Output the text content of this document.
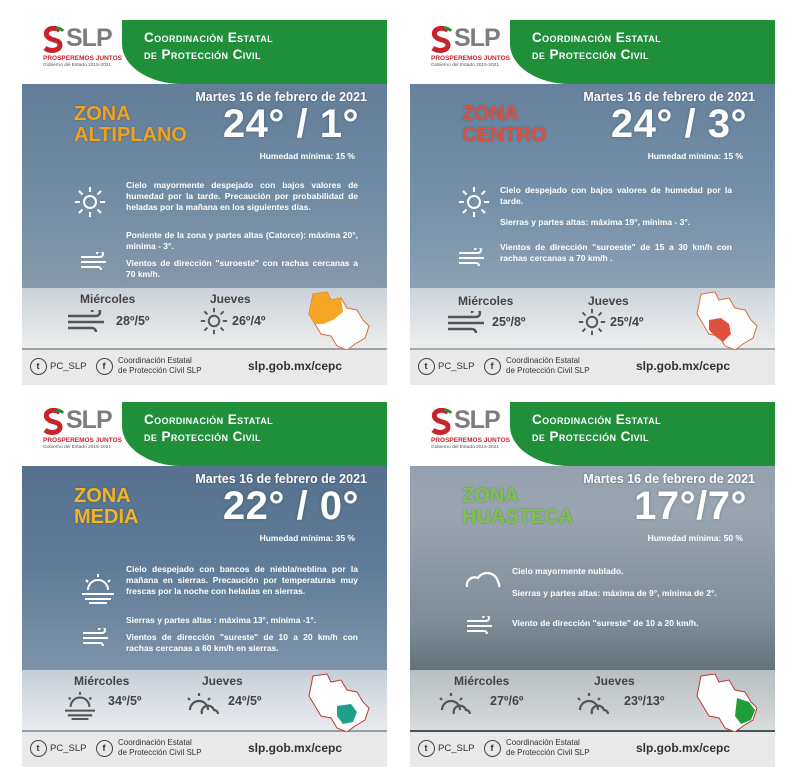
SLP
PROSPEREMOS JUNTOS
Gobierno del Estado 2015-2021
Coordinación Estatal
de Protección Civil
Martes 16 de febrero de 2021
ZONA
ALTIPLANO 24° / 1°
Humedad mínima: 15 %
Cielo mayormente despejado con bajos valores de humedad por la tarde. Precaución por probabilidad de heladas por la mañana en los siguientes días.
Poniente de la zona y partes altas (Catorce): máxima 20°, mínima - 3°.
Vientos de dirección "suroeste" con rachas cercanas a 70 km/h.
Miércoles
28º/5º
Jueves
26º/4º
t	PC_SLP	f
Coordinación Estatal
de Protección Civil SLP	slp.gob.mx/cepc
SLP
PROSPEREMOS JUNTOS
Gobierno del Estado 2015-2021
Coordinación Estatal
de Protección Civil
Martes 16 de febrero de 2021
ZONA
CENTRO 24° / 3°
Humedad mínima: 15 %
Cielo despejado con bajos valores de humedad por la tarde.
Sierras y partes altas: máxima 19°, mínima - 3°.
Vientos de dirección "suroeste" de 15 a 30 km/h con rachas cercanas a 70 km/h .
Miércoles
25º/8º
Jueves
25º/4º
t	PC_SLP	f
Coordinación Estatal
de Protección Civil SLP	slp.gob.mx/cepc
SLP
PROSPEREMOS JUNTOS
Gobierno del Estado 2015-2021
Coordinación Estatal
de Protección Civil
Martes 16 de febrero de 2021
ZONA
MEDIA 22° / 0°
Humedad mínima: 35 %
Cielo despejado con bancos de niebla/neblina por la mañana en sierras. Precaución por temperaturas muy frescas por la noche con heladas en sierras.
Sierras y partes altas : máxima 13°, mínima -1°.
Vientos de dirección "sureste" de 10 a 20 km/h con rachas cercanas a 60 km/h en sierras.
Miércoles
34º/5º
Jueves
24º/5º
t	PC_SLP	f
Coordinación Estatal
de Protección Civil SLP	slp.gob.mx/cepc
SLP
PROSPEREMOS JUNTOS
Gobierno del Estado 2015-2021
Coordinación Estatal
de Protección Civil
Martes 16 de febrero de 2021
ZONA
HUASTECA 17°/7°
Humedad mínima: 50 %
Cielo mayormente nublado.
Sierras y partes altas: máxima de 9°, mínima de 2°.
Viento de dirección "sureste" de 10 a 20 km/h.
Miércoles
27º/6º
Jueves
23º/13º
t	PC_SLP	f
Coordinación Estatal
de Protección Civil SLP	slp.gob.mx/cepc
